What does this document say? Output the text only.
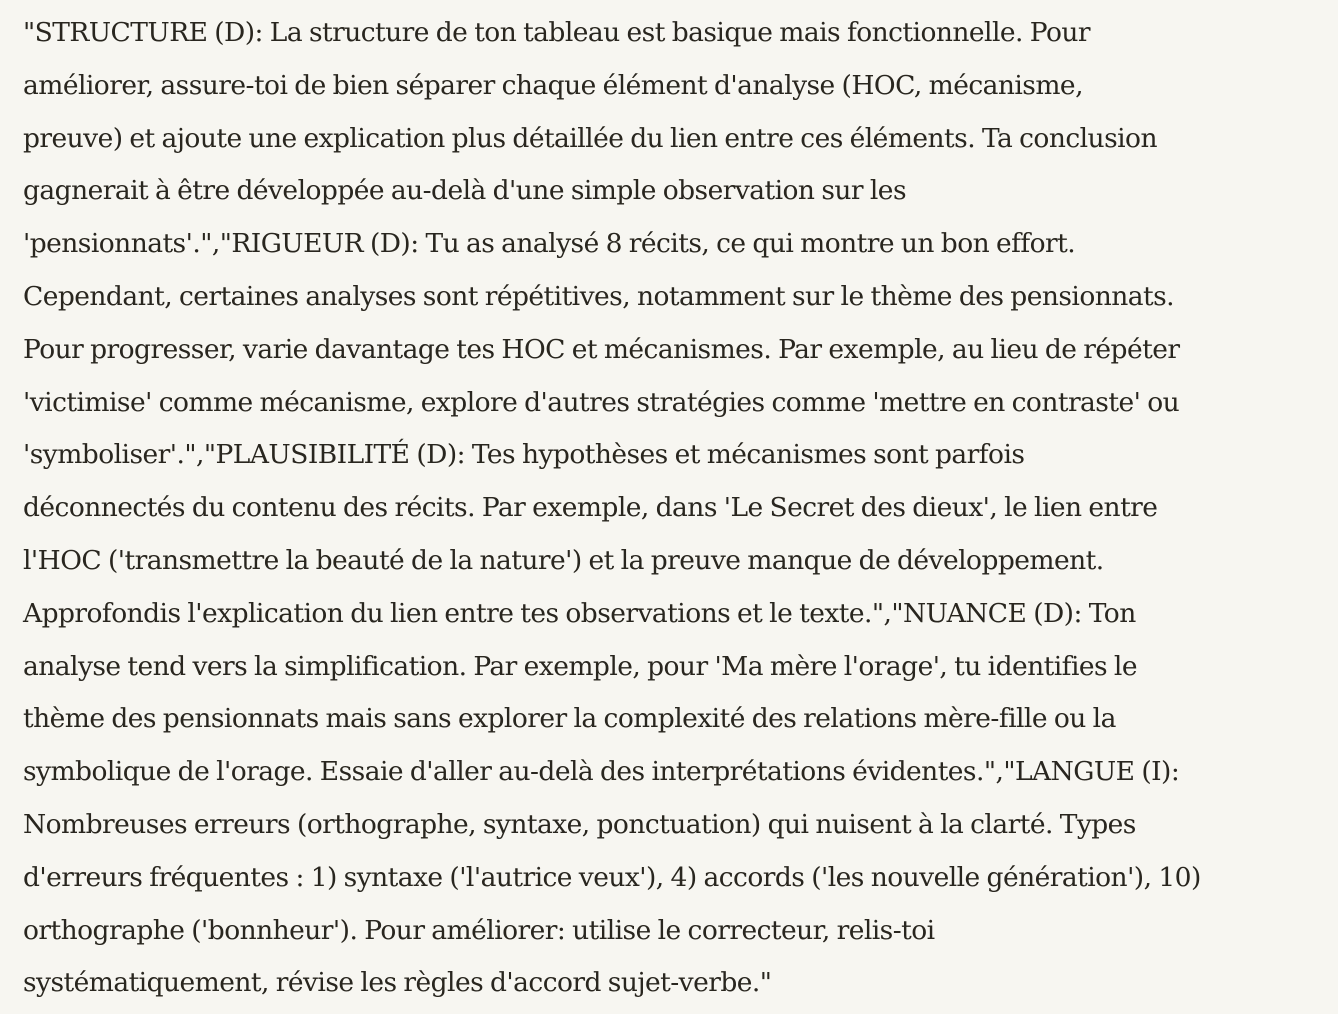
"STRUCTURE (D): La structure de ton tableau est basique mais fonctionnelle. Pour
améliorer, assure-toi de bien séparer chaque élément d'analyse (HOC, mécanisme,
preuve) et ajoute une explication plus détaillée du lien entre ces éléments. Ta conclusion
gagnerait à être développée au-delà d'une simple observation sur les
'pensionnats'.","RIGUEUR (D): Tu as analysé 8 récits, ce qui montre un bon effort.
Cependant, certaines analyses sont répétitives, notamment sur le thème des pensionnats.
Pour progresser, varie davantage tes HOC et mécanismes. Par exemple, au lieu de répéter
'victimise' comme mécanisme, explore d'autres stratégies comme 'mettre en contraste' ou
'symboliser'.","PLAUSIBILITÉ (D): Tes hypothèses et mécanismes sont parfois
déconnectés du contenu des récits. Par exemple, dans 'Le Secret des dieux', le lien entre
l'HOC ('transmettre la beauté de la nature') et la preuve manque de développement.
Approfondis l'explication du lien entre tes observations et le texte.","NUANCE (D): Ton
analyse tend vers la simplification. Par exemple, pour 'Ma mère l'orage', tu identifies le
thème des pensionnats mais sans explorer la complexité des relations mère-fille ou la
symbolique de l'orage. Essaie d'aller au-delà des interprétations évidentes.","LANGUE (I):
Nombreuses erreurs (orthographe, syntaxe, ponctuation) qui nuisent à la clarté. Types
d'erreurs fréquentes : 1) syntaxe ('l'autrice veux'), 4) accords ('les nouvelle génération'), 10)
orthographe ('bonnheur'). Pour améliorer: utilise le correcteur, relis-toi
systématiquement, révise les règles d'accord sujet-verbe."
